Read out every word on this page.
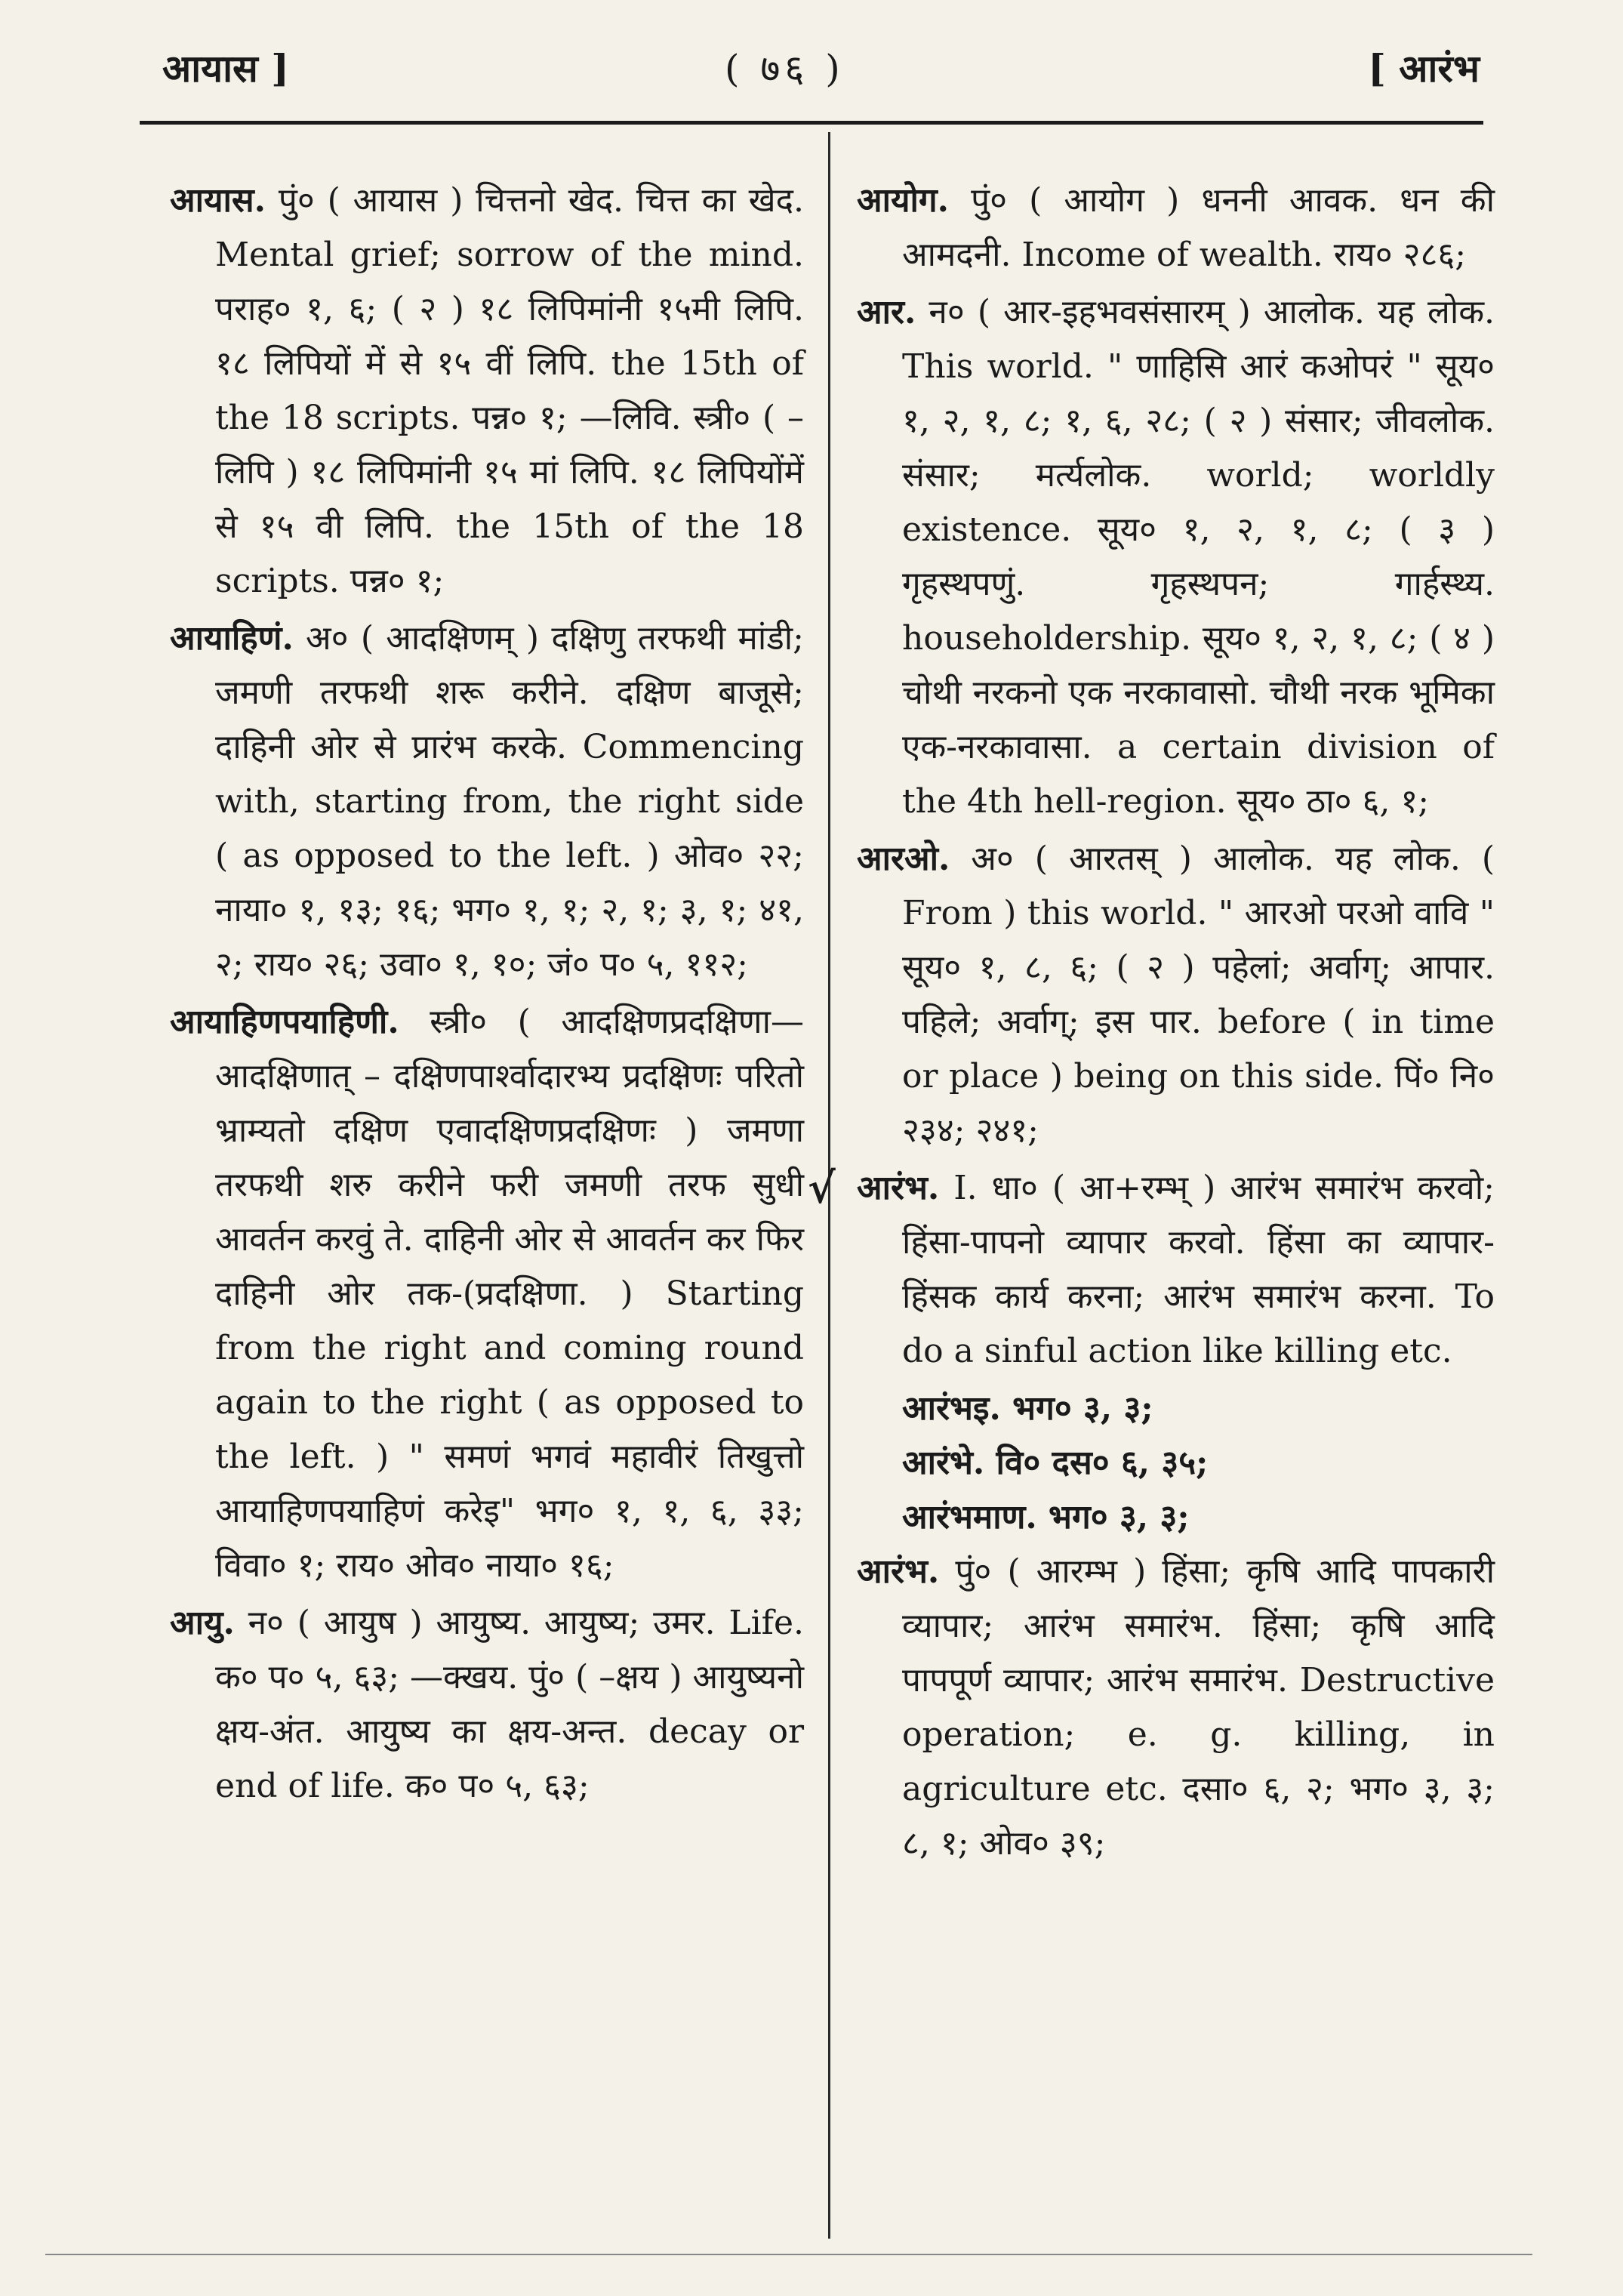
आयास ]	( ७६ )	[ आरंभ

आयास. पुं० ( आयास ) चित्तनो खेद. चित्त का खेद. Mental grief; sorrow of the mind. पराह० १, ६; ( २ ) १८ लिपिमांनी १५मी लिपि. १८ लिपियों में से १५ वीं लिपि. the 15th of the 18 scripts. पन्न० १; —लिवि. स्त्री० ( –लिपि ) १८ लिपिमांनी १५ मां लिपि. १८ लिपियोंमें से १५ वी लिपि. the 15th of the 18 scripts. पन्न० १;

आयाहिणं. अ० ( आदक्षिणम् ) दक्षिणु तरफथी मांडी; जमणी तरफथी शरू करीने. दक्षिण बाजूसे; दाहिनी ओर से प्रारंभ करके. Commencing with, starting from, the right side ( as opposed to the left. ) ओव० २२; नाया० १, १३; १६; भग० १, १; २, १; ३, १; ४१, २; राय० २६; उवा० १, १०; जं० प० ५, ११२;

आयाहिणपयाहिणी. स्त्री० ( आदक्षिणप्रदक्षिणा—आदक्षिणात् – दक्षिणपार्श्वादारभ्य प्रदक्षिणः परितो भ्राम्यतो दक्षिण एवादक्षिणप्रदक्षिणः ) जमणा तरफथी शरु करीने फरी जमणी तरफ सुधी आवर्तन करवुं ते. दाहिनी ओर से आवर्तन कर फिर दाहिनी ओर तक-(प्रदक्षिणा. ) Starting from the right and coming round again to the right ( as opposed to the left. ) " समणं भगवं महावीरं तिखुत्तो आयाहिणपयाहिणं करेइ" भग० १, १, ६, ३३; विवा० १; राय० ओव० नाया० १६;

आयु. न० ( आयुष ) आयुष्य. आयुष्य; उमर. Life. क० प० ५, ६३; —क्खय. पुं० ( –क्षय ) आयुष्यनो क्षय-अंत. आयुष्य का क्षय-अन्त. decay or end of life. क० प० ५, ६३;

आयोग. पुं० ( आयोग ) धननी आवक. धन की आमदनी. Income of wealth. राय० २८६;

आर. न० ( आर-इहभवसंसारम् ) आलोक. यह लोक. This world. " णाहिसि आरं कओपरं " सूय० १, २, १, ८; १, ६, २८; ( २ ) संसार; जीवलोक. संसार; मर्त्यलोक. world; worldly existence. सूय० १, २, १, ८; ( ३ ) गृहस्थपणुं. गृहस्थपन; गार्हस्थ्य. householdership. सूय० १, २, १, ८; ( ४ ) चोथी नरकनो एक नरकावासो. चौथी नरक भूमिका एक-नरकावासा. a certain division of the 4th hell-region. सूय० ठा० ६, १;

आरओ. अ० ( आरतस् ) आलोक. यह लोक. ( From ) this world. " आरओ परओ वावि " सूय० १, ८, ६; ( २ ) पहेलां; अर्वाग्; आपार. पहिले; अर्वाग्; इस पार. before ( in time or place ) being on this side. पिं० नि० २३४; २४१;

√ आरंभ. I. धा० ( आ+रम्भ् ) आरंभ समारंभ करवो; हिंसा-पापनो व्यापार करवो. हिंसा का व्यापार-हिंसक कार्य करना; आरंभ समारंभ करना. To do a sinful action like killing etc.

आरंभइ. भग० ३, ३;

आरंभे. वि० दस० ६, ३५;

आरंभमाण. भग० ३, ३;

आरंभ. पुं० ( आरम्भ ) हिंसा; कृषि आदि पापकारी व्यापार; आरंभ समारंभ. हिंसा; कृषि आदि पापपूर्ण व्यापार; आरंभ समारंभ. Destructive operation; e. g. killing, in agriculture etc. दसा० ६, २; भग० ३, ३; ८, १; ओव० ३९;
